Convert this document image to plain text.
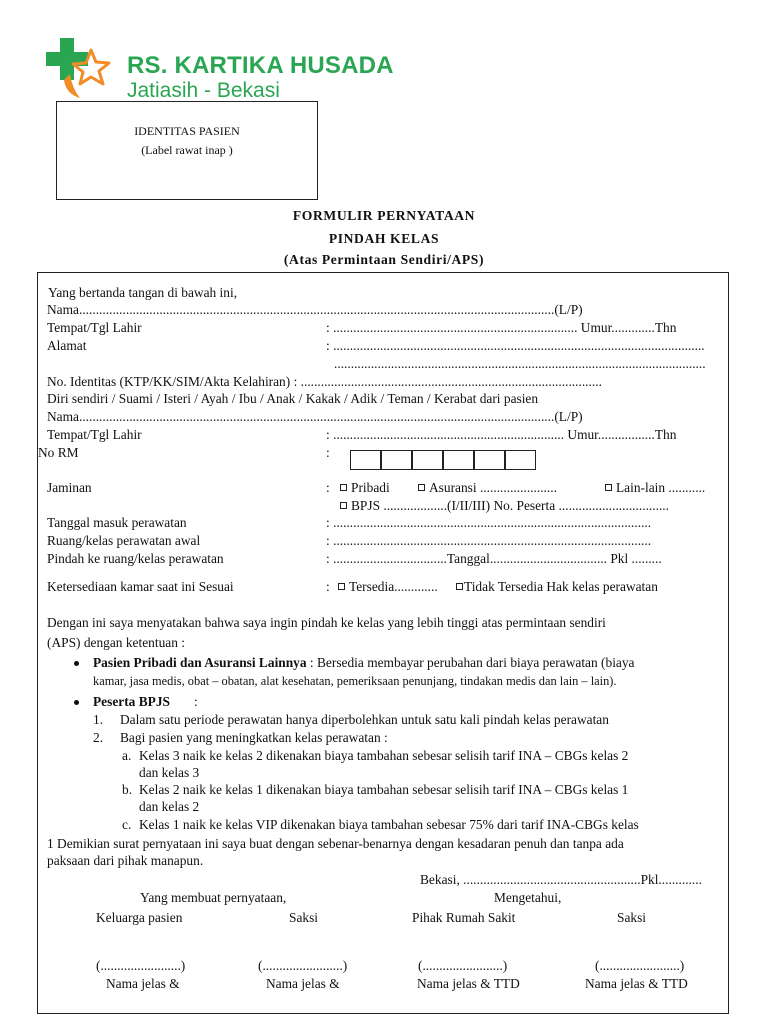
RS. KARTIKA HUSADA
Jatiasih - Bekasi
IDENTITAS PASIEN
(Label rawat inap )
FORMULIR PERNYATAAN
PINDAH KELAS
(Atas Permintaan Sendiri/APS)
Yang bertanda tangan di bawah ini,
Nama..............................................................................................................................................(L/P)
Tempat/Tgl Lahir	: ......................................................................... Umur.............Thn
Alamat	: ...............................................................................................................
...............................................................................................................
No. Identitas (KTP/KK/SIM/Akta Kelahiran) : ..........................................................................................
Diri sendiri / Suami / Isteri / Ayah / Ibu / Anak / Kakak / Adik / Teman / Kerabat dari pasien
Nama..............................................................................................................................................(L/P)
Tempat/Tgl Lahir	: ..................................................................... Umur.................Thn
No RM	:
Jaminan	:	Pribadi	Asuransi .......................	Lain-lain ...........
BPJS ...................(I/II/III) No. Peserta .................................
Tanggal masuk perawatan	: ...............................................................................................
Ruang/kelas perawatan awal	: ...............................................................................................
Pindah ke ruang/kelas perawatan	: ..................................Tanggal................................... Pkl .........
Ketersediaan kamar saat ini Sesuai	:	Tersedia.............	Tidak Tersedia Hak kelas perawatan
Dengan ini saya menyatakan bahwa saya ingin pindah ke kelas yang lebih tinggi atas permintaan sendiri
(APS) dengan ketentuan :
Pasien Pribadi dan Asuransi Lainnya : Bersedia membayar perubahan dari biaya perawatan (biaya
kamar, jasa medis, obat – obatan, alat kesehatan, pemeriksaan penunjang, tindakan medis dan lain – lain).
Peserta BPJS :
1. Dalam satu periode perawatan hanya diperbolehkan untuk satu kali pindah kelas perawatan
2. Bagi pasien yang meningkatkan kelas perawatan :
a. Kelas 3 naik ke kelas 2 dikenakan biaya tambahan sebesar selisih tarif INA – CBGs kelas 2
dan kelas 3
b. Kelas 2 naik ke kelas 1 dikenakan biaya tambahan sebesar selisih tarif INA – CBGs kelas 1
dan kelas 2
c. Kelas 1 naik ke kelas VIP dikenakan biaya tambahan sebesar 75% dari tarif INA-CBGs kelas
1 Demikian surat pernyataan ini saya buat dengan sebenar-benarnya dengan kesadaran penuh dan tanpa ada
paksaan dari pihak manapun.
Bekasi, .....................................................Pkl.............
Yang membuat pernyataan,	Mengetahui,
Keluarga pasien	Saksi	Pihak Rumah Sakit	Saksi
(........................)	(........................)	(........................)	(........................)
Nama jelas &	Nama jelas &	Nama jelas & TTD	Nama jelas & TTD
